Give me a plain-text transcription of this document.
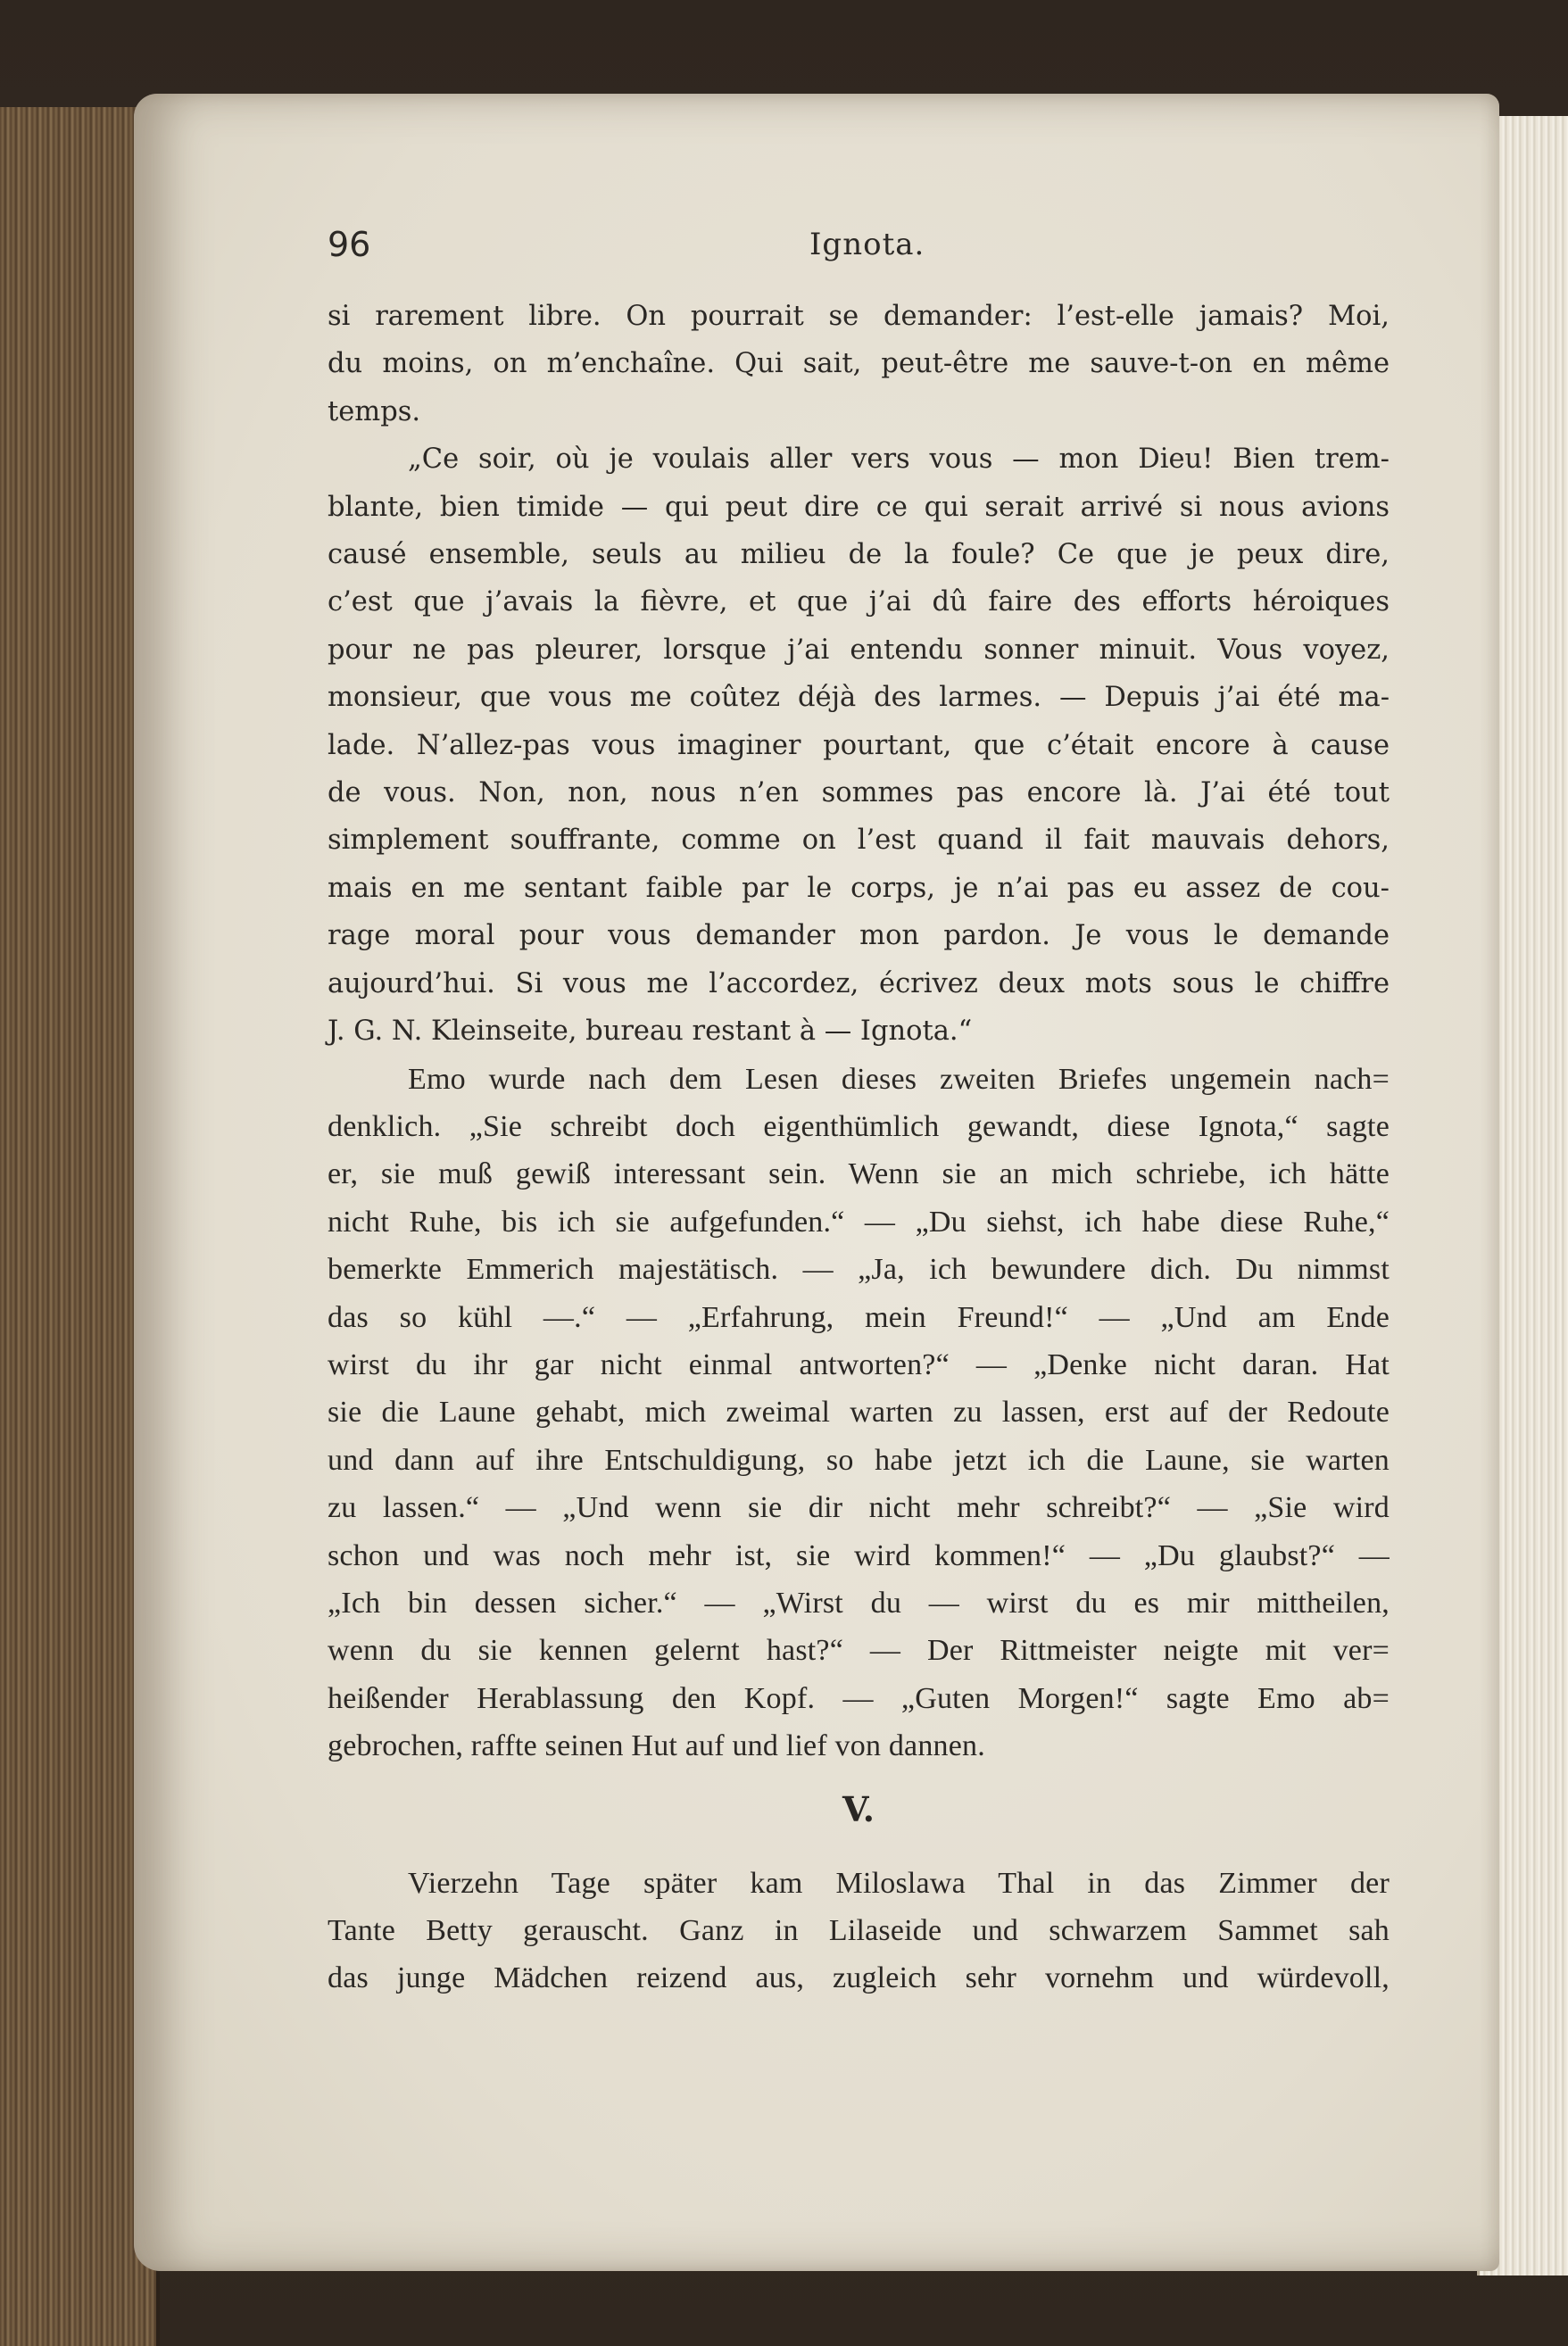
96	Ignota.

si rarement libre. On pourrait se demander: l’est-elle jamais? Moi,

du moins, on m’enchaîne. Qui sait, peut-être me sauve-t-on en même

temps.

„Ce soir, où je voulais aller vers vous — mon Dieu! Bien trem-

blante, bien timide — qui peut dire ce qui serait arrivé si nous avions

causé ensemble, seuls au milieu de la foule? Ce que je peux dire,

c’est que j’avais la fièvre, et que j’ai dû faire des efforts héroiques

pour ne pas pleurer, lorsque j’ai entendu sonner minuit. Vous voyez,

monsieur, que vous me coûtez déjà des larmes. — Depuis j’ai été ma-

lade. N’allez-pas vous imaginer pourtant, que c’était encore à cause

de vous. Non, non, nous n’en sommes pas encore là. J’ai été tout

simplement souffrante, comme on l’est quand il fait mauvais dehors,

mais en me sentant faible par le corps, je n’ai pas eu assez de cou-

rage moral pour vous demander mon pardon. Je vous le demande

aujourd’hui. Si vous me l’accordez, écrivez deux mots sous le chiffre

J. G. N. Kleinseite, bureau restant à — Ignota.“

Emo wurde nach dem Lesen dieses zweiten Briefes ungemein nach=

denklich. „Sie schreibt doch eigenthümlich gewandt, diese Ignota,“ sagte

er, sie muß gewiß interessant sein. Wenn sie an mich schriebe, ich hätte

nicht Ruhe, bis ich sie aufgefunden.“ — „Du siehst, ich habe diese Ruhe,“

bemerkte Emmerich majestätisch. — „Ja, ich bewundere dich. Du nimmst

das so kühl —.“ — „Erfahrung, mein Freund!“ — „Und am Ende

wirst du ihr gar nicht einmal antworten?“ — „Denke nicht daran. Hat

sie die Laune gehabt, mich zweimal warten zu lassen, erst auf der Redoute

und dann auf ihre Entschuldigung, so habe jetzt ich die Laune, sie warten

zu lassen.“ — „Und wenn sie dir nicht mehr schreibt?“ — „Sie wird

schon und was noch mehr ist, sie wird kommen!“ — „Du glaubst?“ —

„Ich bin dessen sicher.“ — „Wirst du — wirst du es mir mittheilen,

wenn du sie kennen gelernt hast?“ — Der Rittmeister neigte mit ver=

heißender Herablassung den Kopf. — „Guten Morgen!“ sagte Emo ab=

gebrochen, raffte seinen Hut auf und lief von dannen.

V.

Vierzehn Tage später kam Miloslawa Thal in das Zimmer der

Tante Betty gerauscht. Ganz in Lilaseide und schwarzem Sammet sah

das junge Mädchen reizend aus, zugleich sehr vornehm und würdevoll,
